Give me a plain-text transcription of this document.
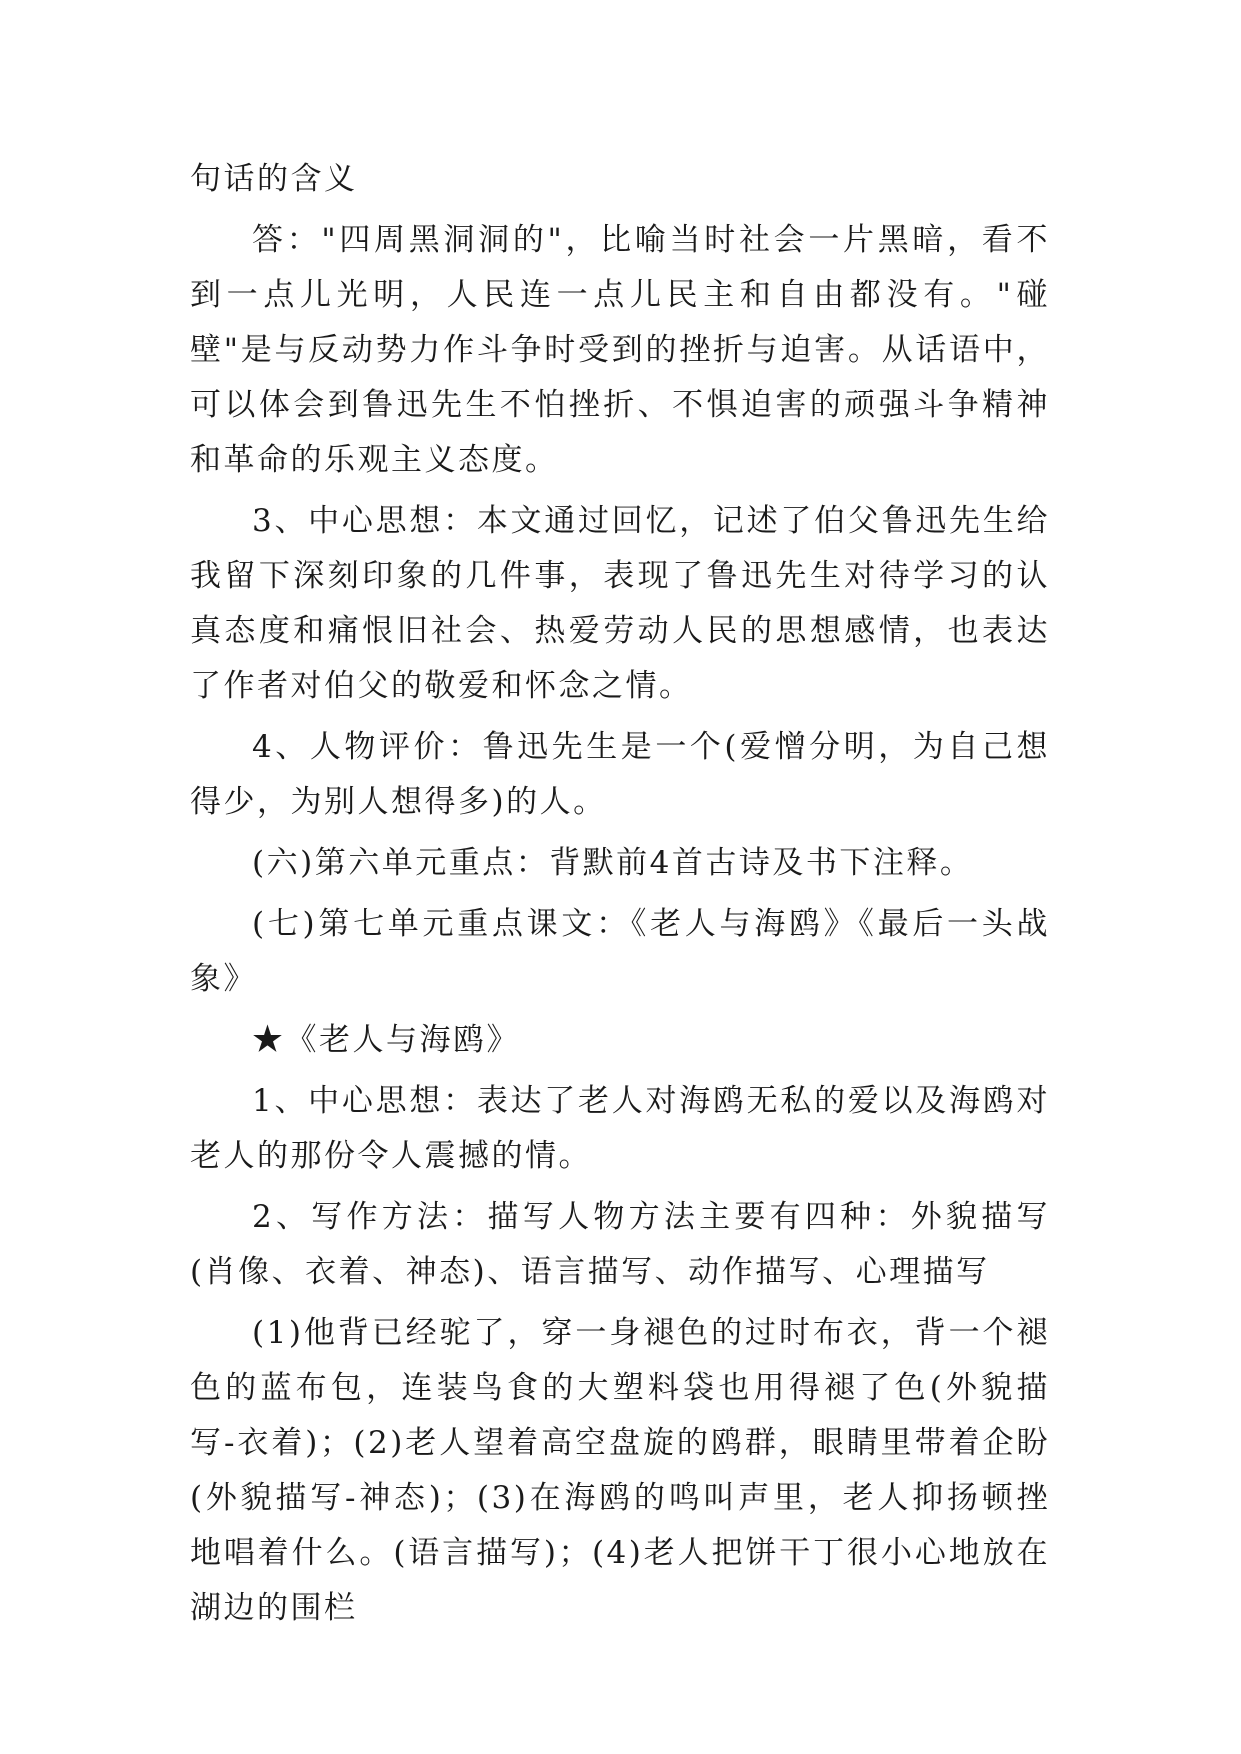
句话的含义

答："四周黑洞洞的"，比喻当时社会一片黑暗，看不到一点儿光明，人民连一点儿民主和自由都没有。"碰壁"是与反动势力作斗争时受到的挫折与迫害。从话语中，可以体会到鲁迅先生不怕挫折、不惧迫害的顽强斗争精神和革命的乐观主义态度。

3、中心思想：本文通过回忆，记述了伯父鲁迅先生给我留下深刻印象的几件事，表现了鲁迅先生对待学习的认真态度和痛恨旧社会、热爱劳动人民的思想感情，也表达了作者对伯父的敬爱和怀念之情。

4、人物评价：鲁迅先生是一个(爱憎分明，为自己想得少，为别人想得多)的人。

(六)第六单元重点：背默前4首古诗及书下注释。

(七)第七单元重点课文：《老人与海鸥》《最后一头战象》

★《老人与海鸥》

1、中心思想：表达了老人对海鸥无私的爱以及海鸥对老人的那份令人震撼的情。

2、写作方法：描写人物方法主要有四种：外貌描写(肖像、衣着、神态)、语言描写、动作描写、心理描写

(1)他背已经驼了，穿一身褪色的过时布衣，背一个褪色的蓝布包，连装鸟食的大塑料袋也用得褪了色(外貌描写-衣着)；(2)老人望着高空盘旋的鸥群，眼睛里带着企盼(外貌描写-神态)；(3)在海鸥的鸣叫声里，老人抑扬顿挫地唱着什么。(语言描写)；(4)老人把饼干丁很小心地放在湖边的围栏
